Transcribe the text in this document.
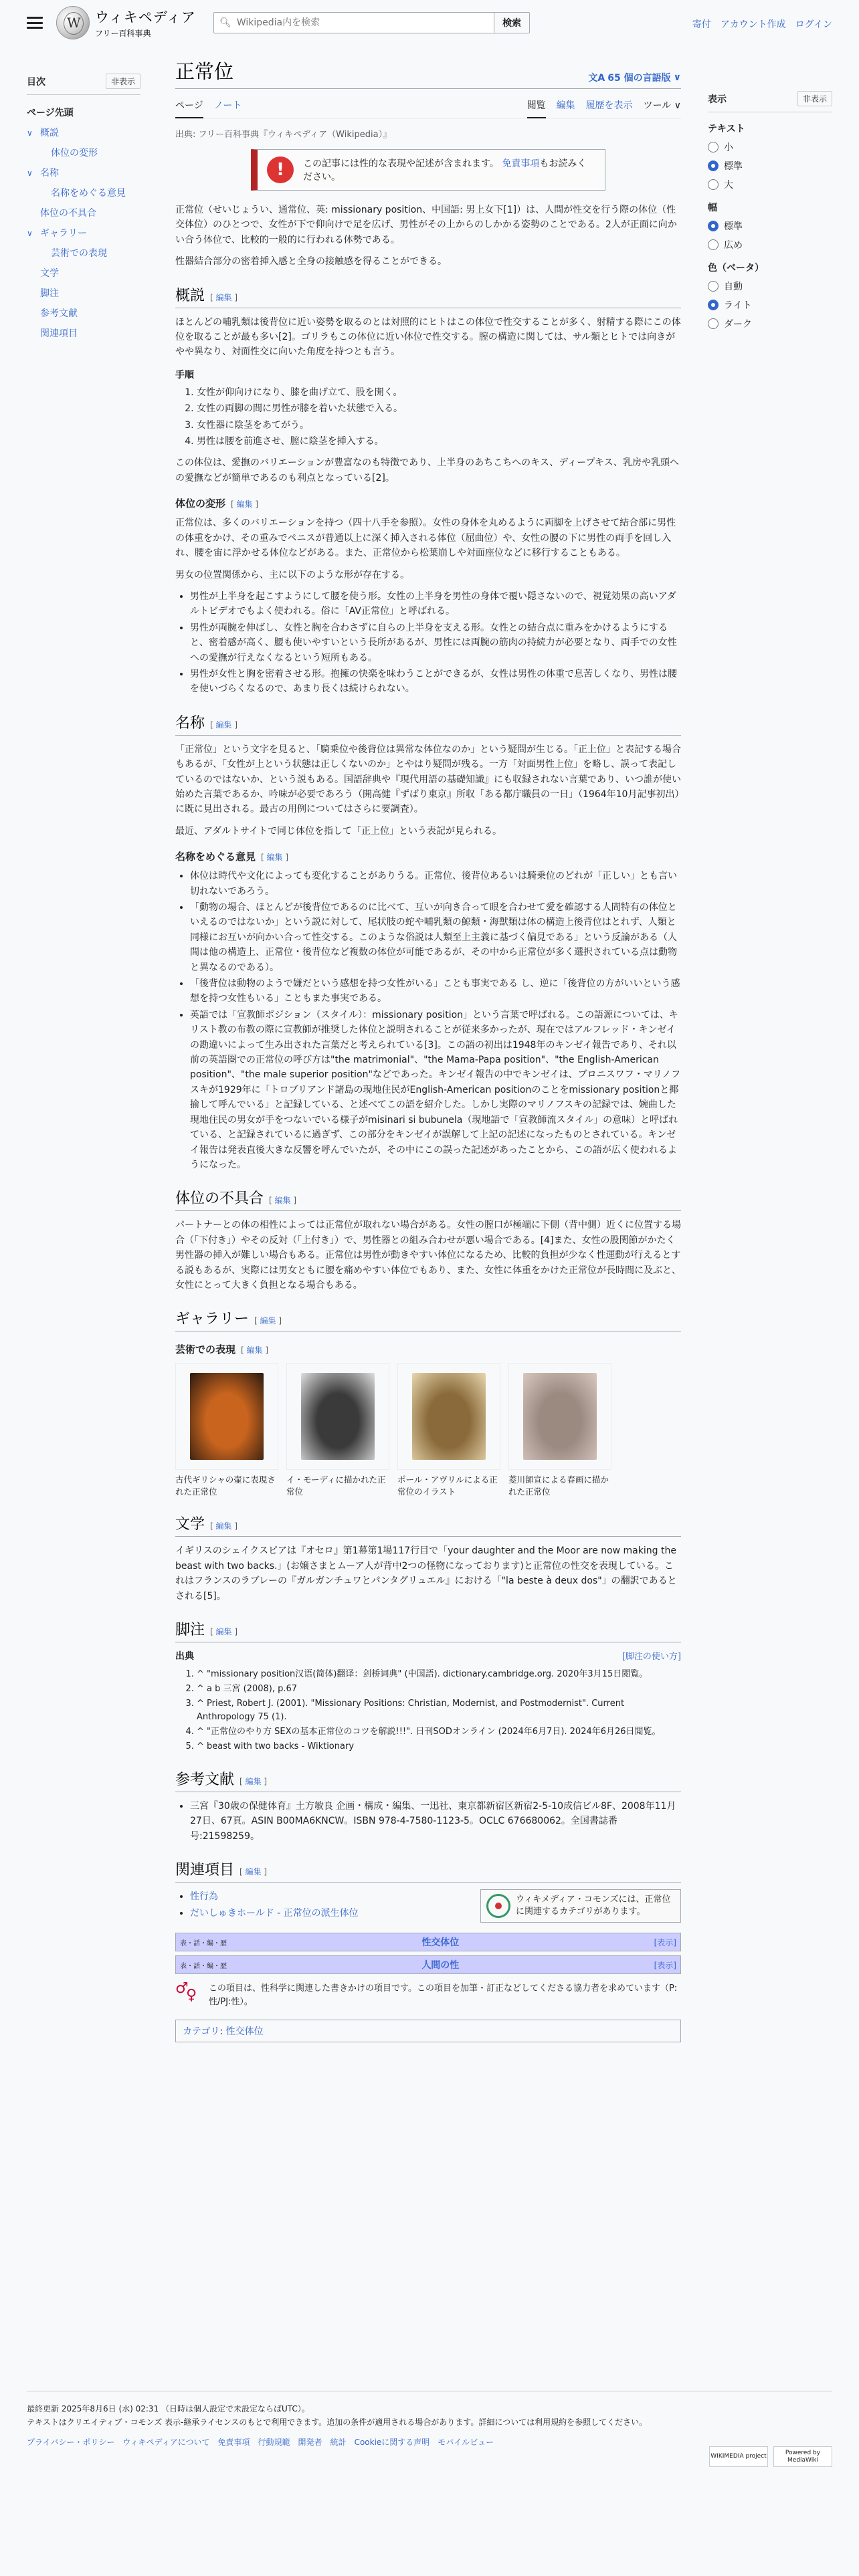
W
ウィキペディア
フリー百科事典
🔍︎
Wikipedia内を検索	検索	寄付 アカウント作成 ログイン
目次	非表示
ページ先頭
∨ 概説
体位の変形
∨ 名称
名称をめぐる意見
体位の不具合
∨ ギャラリー
芸術での表現
文学
脚注
参考文献
関連項目
正常位	文A 65 個の言語版 ∨
ページ ノート	閲覧 編集 履歴を表示 ツール ∨
出典: フリー百科事典『ウィキペディア（Wikipedia）』
!	この記事には性的な表現や記述が含まれます。 免責事項もお読みください。

正常位（せいじょうい、通常位、英: missionary position、中国語: 男上女下[1]）は、人間が性交を行う際の体位（性交体位）のひとつで、女性が下で仰向けで足を広げ、男性がその上からのしかかる姿勢のことである。2人が正面に向かい合う体位で、比較的一般的に行われる体勢である。

性器結合部分の密着挿入感と全身の接触感を得ることができる。

概説 [ 編集 ]

ほとんどの哺乳類は後背位に近い姿勢を取るのとは対照的にヒトはこの体位で性交することが多く、射精する際にこの体位を取ることが最も多い[2]。ゴリラもこの体位に近い体位で性交する。膣の構造に関しては、サル類とヒトでは向きがやや異なり、対面性交に向いた角度を持つとも言う。

手順
1. 女性が仰向けになり、膝を曲げ立て、股を開く。
2. 女性の両脚の間に男性が膝を着いた状態で入る。
3. 女性器に陰茎をあてがう。
4. 男性は腰を前進させ、膣に陰茎を挿入する。

この体位は、愛撫のバリエーションが豊富なのも特徴であり、上半身のあちこちへのキス、ディープキス、乳房や乳頭への愛撫などが簡単であるのも利点となっている[2]。

体位の変形 [ 編集 ]

正常位は、多くのバリエーションを持つ（四十八手を参照）。女性の身体を丸めるように両脚を上げさせて結合部に男性の体重をかけ、その重みでペニスが普通以上に深く挿入される体位（屈曲位）や、女性の腰の下に男性の両手を回し入れ、腰を宙に浮かせる体位などがある。また、正常位から松葉崩しや対面座位などに移行することもある。

男女の位置関係から、主に以下のような形が存在する。

• 男性が上半身を起こすようにして腰を使う形。女性の上半身を男性の身体で覆い隠さないので、視覚効果の高いアダルトビデオでもよく使われる。俗に「AV正常位」と呼ばれる。
• 男性が両腕を伸ばし、女性と胸を合わさずに自らの上半身を支える形。女性との結合点に重みをかけるようにすると、密着感が高く、腰も使いやすいという長所があるが、男性には両腕の筋肉の持続力が必要となり、両手での女性への愛撫が行えなくなるという短所もある。
• 男性が女性と胸を密着させる形。抱擁の快楽を味わうことができるが、女性は男性の体重で息苦しくなり、男性は腰を使いづらくなるので、あまり長くは続けられない。
名称 [ 編集 ]

「正常位」という文字を見ると、「騎乗位や後背位は異常な体位なのか」という疑問が生じる。「正上位」と表記する場合もあるが、「女性が上という状態は正しくないのか」とやはり疑問が残る。一方「対面男性上位」を略し、誤って表記しているのではないか、という説もある。国語辞典や『現代用語の基礎知識』にも収録されない言葉であり、いつ誰が使い始めた言葉であるか、吟味が必要であろう（開高健『ずばり東京』所収「ある都庁職員の一日」（1964年10月記事初出）に既に見出される。最古の用例についてはさらに要調査）。

最近、アダルトサイトで同じ体位を指して「正上位」という表記が見られる。

名称をめぐる意見 [ 編集 ]
• 体位は時代や文化によっても変化することがありうる。正常位、後背位あるいは騎乗位のどれが「正しい」とも言い切れないであろう。
• 「動物の場合、ほとんどが後背位であるのに比べて、互いが向き合って眼を合わせて愛を確認する人間特有の体位といえるのではないか」という説に対して、尾状肢の蛇や哺乳類の鯨類・海獣類は体の構造上後背位はとれず、人類と同様にお互いが向かい合って性交する。このような俗説は人類至上主義に基づく偏見である」という反論がある（人間は他の構造上、正常位・後背位など複数の体位が可能であるが、その中から正常位が多く選択されている点は動物と異なるのである）。
• 「後背位は動物のようで嫌だという感想を持つ女性がいる」ことも事実である し、逆に「後背位の方がいいという感想を持つ女性もいる」こともまた事実である。
• 英語では「宣教師ポジション（スタイル）：missionary position」という言葉で呼ばれる。この語源については、キリスト教の布教の際に宣教師が推奨した体位と説明されることが従来多かったが、現在ではアルフレッド・キンゼイの勘違いによって生み出された言葉だと考えられている[3]。この語の初出は1948年のキンゼイ報告であり、それ以前の英語圏での正常位の呼び方は"the matrimonial"、"the Mama-Papa position"、"the English-American position"、"the male superior position"などであった。キンゼイ報告の中でキンゼイは、ブロニスワフ・マリノフスキが1929年に「トロブリアンド諸島の現地住民がEnglish-American positionのことをmissionary positionと揶揄して呼んでいる」と記録している、と述べてこの語を紹介した。しかし実際のマリノフスキの記録では、婉曲した現地住民の男女が手をつないでいる様子がmisinari si bubunela（現地語で「宣教師流スタイル」の意味）と呼ばれている、と記録されているに過ぎず、この部分をキンゼイが誤解して上記の記述になったものとされている。キンゼイ報告は発表直後大きな反響を呼んでいたが、その中にこの誤った記述があったことから、この語が広く使われるようになった。
体位の不具合 [ 編集 ]

パートナーとの体の相性によっては正常位が取れない場合がある。女性の膣口が極端に下側（背中側）近くに位置する場合（「下付き」）やその反対（「上付き」）で、男性器との組み合わせが悪い場合である。[4]また、女性の股関節がかたく男性器の挿入が難しい場合もある。正常位は男性が動きやすい体位になるため、比較的負担が少なく性運動が行えるとする説もあるが、実際には男女ともに腰を痛めやすい体位でもあり、また、女性に体重をかけた正常位が長時間に及ぶと、女性にとって大きく負担となる場合もある。

ギャラリー [ 編集 ]
芸術での表現 [ 編集 ]
古代ギリシャの壷に表現された正常位
イ・モーディに描かれた正常位
ポール・アヴリルによる正常位のイラスト
菱川師宣による春画に描かれた正常位
文学 [ 編集 ]

イギリスのシェイクスピアは『オセロ』第1幕第1場117行目で「your daughter and the Moor are now making the beast with two backs.」(お嬢さまとムーア人が背中2つの怪物になっております)と正常位の性交を表現している。これはフランスのラブレーの『ガルガンチュワとパンタグリュエル』における「"la beste à deux dos"」の翻訳であるとされる[5]。

脚注 [ 編集 ]
出典	[脚注の使い方]
1. ^ "missionary position汉语(简体)翻译：剑桥词典" (中国語). dictionary.cambridge.org. 2020年3月15日閲覧。
2. ^ a b 三宮 (2008), p.67
3. ^ Priest, Robert J. (2001). "Missionary Positions: Christian, Modernist, and Postmodernist". Current Anthropology 75 (1).
4. ^ "正常位のやり方 SEXの基本正常位のコツを解説!!!". 日刊SODオンライン (2024年6月7日). 2024年6月26日閲覧。
5. ^ beast with two backs - Wiktionary
参考文献 [ 編集 ]
• 三宮『30歳の保健体育』土方敏良 企画・構成・編集、一迅社、東京都新宿区新宿2-5-10成信ビル8F、2008年11月27日、67頁。ASIN B00MA6KNCW。ISBN 978-4-7580-1123-5。OCLC 676680062。全国書誌番号:21598259。
関連項目 [ 編集 ]
• 性行為
• だいしゅきホールド - 正常位の派生体位
ウィキメディア・コモンズには、正常位に関連するカテゴリがあります。
表・話・編・歴	性交体位	[表示]
表・話・編・歴	人間の性	[表示]
♂ ♀
この項目は、性科学に関連した書きかけの項目です。この項目を加筆・訂正などしてくださる協力者を求めています（P:性/PJ:性）。
カテゴリ: 性交体位
表示	非表示
テキスト
小
標準
大
幅
標準
広め
色（ベータ）
自動
ライト
ダーク
最終更新 2025年8月6日 (水) 02:31 （日時は個人設定で未設定ならばUTC）。
テキストはクリエイティブ・コモンズ 表示-継承ライセンスのもとで利用できます。追加の条件が適用される場合があります。詳細については利用規約を参照してください。
プライバシー・ポリシー ウィキペディアについて 免責事項 行動規範 開発者 統計 Cookieに関する声明 モバイルビュー
WIKIMEDIA project
Powered by MediaWiki
